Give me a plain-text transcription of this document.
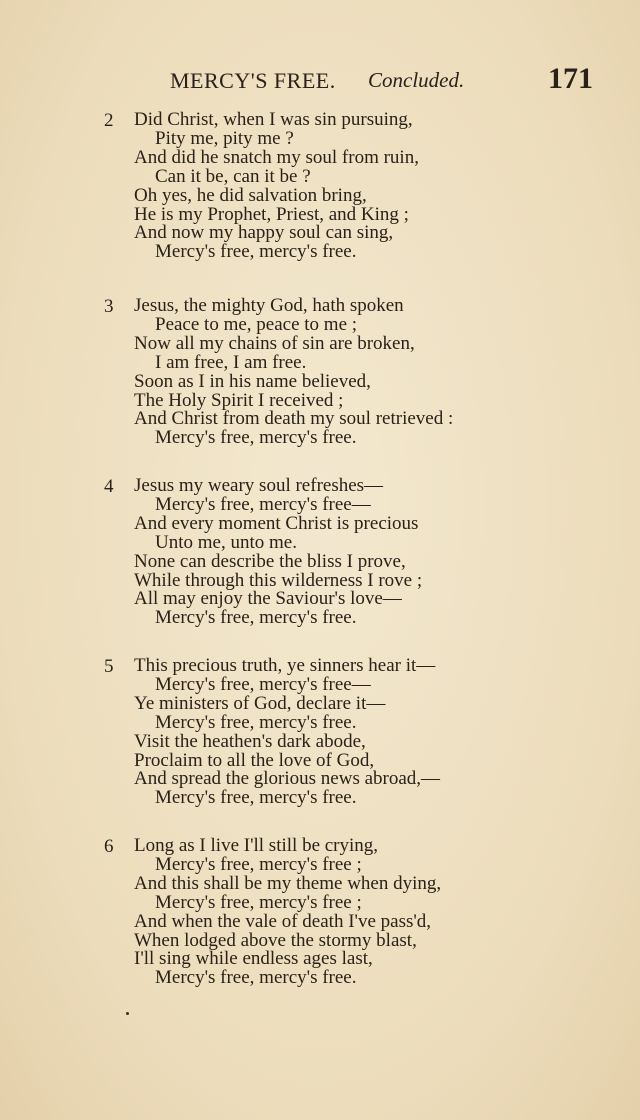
MERCY'S FREE. Concluded.	171
2 Did Christ, when I was sin pursuing,
Pity me, pity me ?
And did he snatch my soul from ruin,
Can it be, can it be ?
Oh yes, he did salvation bring,
He is my Prophet, Priest, and King ;
And now my happy soul can sing,
Mercy's free, mercy's free.
3 Jesus, the mighty God, hath spoken
Peace to me, peace to me ;
Now all my chains of sin are broken,
I am free, I am free.
Soon as I in his name believed,
The Holy Spirit I received ;
And Christ from death my soul retrieved :
Mercy's free, mercy's free.
4 Jesus my weary soul refreshes—
Mercy's free, mercy's free—
And every moment Christ is precious
Unto me, unto me.
None can describe the bliss I prove,
While through this wilderness I rove ;
All may enjoy the Saviour's love—
Mercy's free, mercy's free.
5 This precious truth, ye sinners hear it—
Mercy's free, mercy's free—
Ye ministers of God, declare it—
Mercy's free, mercy's free.
Visit the heathen's dark abode,
Proclaim to all the love of God,
And spread the glorious news abroad,—
Mercy's free, mercy's free.
6 Long as I live I'll still be crying,
Mercy's free, mercy's free ;
And this shall be my theme when dying,
Mercy's free, mercy's free ;
And when the vale of death I've pass'd,
When lodged above the stormy blast,
I'll sing while endless ages last,
Mercy's free, mercy's free.
